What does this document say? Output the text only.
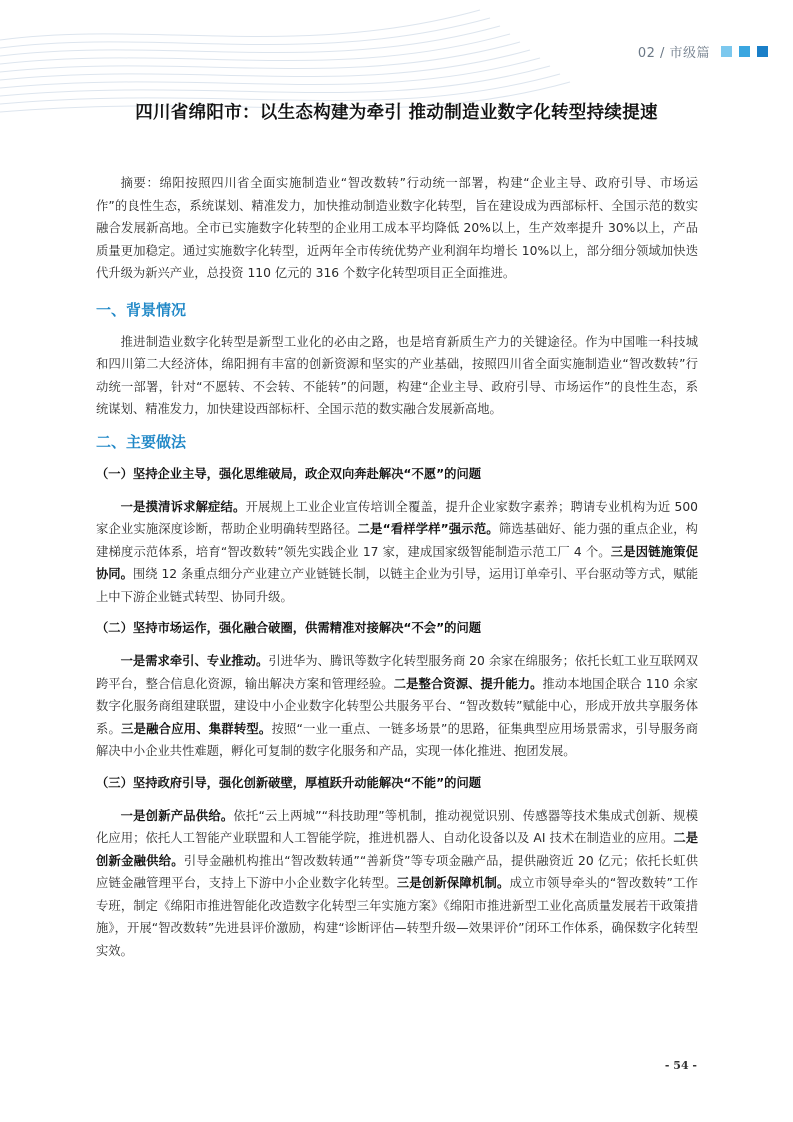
02 / 市级篇
四川省绵阳市：以生态构建为牵引 推动制造业数字化转型持续提速

摘要：绵阳按照四川省全面实施制造业“智改数转”行动统一部署，构建“企业主导、政府引导、市场运作”的良性生态，系统谋划、精准发力，加快推动制造业数字化转型，旨在建设成为西部标杆、全国示范的数实融合发展新高地。全市已实施数字化转型的企业用工成本平均降低 20%以上，生产效率提升 30%以上，产品质量更加稳定。通过实施数字化转型，近两年全市传统优势产业利润年均增长 10%以上，部分细分领域加快迭代升级为新兴产业，总投资 110 亿元的 316 个数字化转型项目正全面推进。

一、背景情况

推进制造业数字化转型是新型工业化的必由之路，也是培育新质生产力的关键途径。作为中国唯一科技城和四川第二大经济体，绵阳拥有丰富的创新资源和坚实的产业基础，按照四川省全面实施制造业“智改数转”行动统一部署，针对“不愿转、不会转、不能转”的问题，构建“企业主导、政府引导、市场运作”的良性生态，系统谋划、精准发力，加快建设西部标杆、全国示范的数实融合发展新高地。

二、主要做法
（一）坚持企业主导，强化思维破局，政企双向奔赴解决“不愿”的问题

一是摸清诉求解症结。开展规上工业企业宣传培训全覆盖，提升企业家数字素养；聘请专业机构为近 500 家企业实施深度诊断，帮助企业明确转型路径。二是“看样学样”强示范。筛选基础好、能力强的重点企业，构建梯度示范体系，培育“智改数转”领先实践企业 17 家，建成国家级智能制造示范工厂 4 个。三是因链施策促协同。围绕 12 条重点细分产业建立产业链链长制，以链主企业为引导，运用订单牵引、平台驱动等方式，赋能上中下游企业链式转型、协同升级。

（二）坚持市场运作，强化融合破圈，供需精准对接解决“不会”的问题

一是需求牵引、专业推动。引进华为、腾讯等数字化转型服务商 20 余家在绵服务；依托长虹工业互联网双跨平台，整合信息化资源，输出解决方案和管理经验。二是整合资源、提升能力。推动本地国企联合 110 余家数字化服务商组建联盟，建设中小企业数字化转型公共服务平台、“智改数转”赋能中心，形成开放共享服务体系。三是融合应用、集群转型。按照“一业一重点、一链多场景”的思路，征集典型应用场景需求，引导服务商解决中小企业共性难题，孵化可复制的数字化服务和产品，实现一体化推进、抱团发展。

（三）坚持政府引导，强化创新破壁，厚植跃升动能解决“不能”的问题

一是创新产品供给。依托“云上两城”“科技助理”等机制，推动视觉识别、传感器等技术集成式创新、规模化应用；依托人工智能产业联盟和人工智能学院，推进机器人、自动化设备以及 AI 技术在制造业的应用。二是创新金融供给。引导金融机构推出“智改数转通”“善新贷”等专项金融产品，提供融资近 20 亿元；依托长虹供应链金融管理平台，支持上下游中小企业数字化转型。三是创新保障机制。成立市领导牵头的“智改数转”工作专班，制定《绵阳市推进智能化改造数字化转型三年实施方案》《绵阳市推进新型工业化高质量发展若干政策措施》，开展“智改数转”先进县评价激励，构建“诊断评估—转型升级—效果评价”闭环工作体系，确保数字化转型实效。

- 54 -
